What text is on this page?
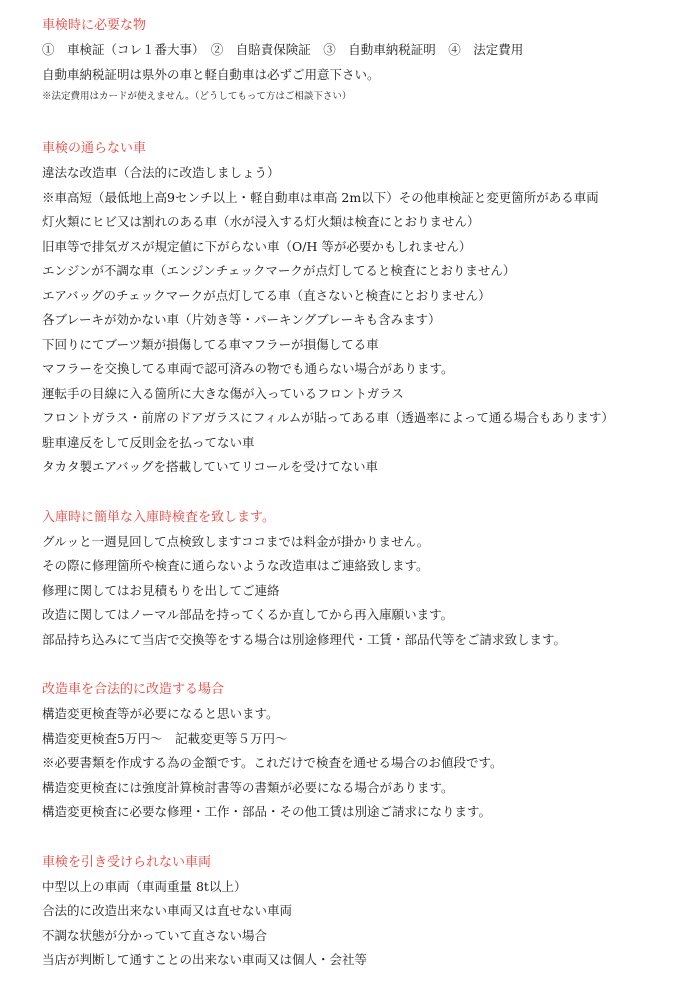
車検時に必要な物
①　車検証（コレ１番大事）　②　自賠責保険証　③　自動車納税証明　④　法定費用
自動車納税証明は県外の車と軽自動車は必ずご用意下さい。
※法定費用はカードが使えません。（どうしてもって方はご相談下さい）
車検の通らない車
違法な改造車（合法的に改造しましょう）
※車高短（最低地上高9センチ以上・軽自動車は車高 2m以下）その他車検証と変更箇所がある車両
灯火類にヒビ又は割れのある車（水が浸入する灯火類は検査にとおりません）
旧車等で排気ガスが規定値に下がらない車（O/H 等が必要かもしれません）
エンジンが不調な車（エンジンチェックマークが点灯してると検査にとおりません）
エアバッグのチェックマークが点灯してる車（直さないと検査にとおりません）
各ブレーキが効かない車（片効き等・パーキングブレーキも含みます）
下回りにてブーツ類が損傷してる車マフラーが損傷してる車
マフラーを交換してる車両で認可済みの物でも通らない場合があります。
運転手の目線に入る箇所に大きな傷が入っているフロントガラス
フロントガラス・前席のドアガラスにフィルムが貼ってある車（透過率によって通る場合もあります）
駐車違反をして反則金を払ってない車
タカタ製エアバッグを搭載していてリコールを受けてない車
入庫時に簡単な入庫時検査を致します。
グルッと一週見回して点検致しますココまでは料金が掛かりません。
その際に修理箇所や検査に通らないような改造車はご連絡致します。
修理に関してはお見積もりを出してご連絡
改造に関してはノーマル部品を持ってくるか直してから再入庫願います。
部品持ち込みにて当店で交換等をする場合は別途修理代・工賃・部品代等をご請求致します。
改造車を合法的に改造する場合
構造変更検査等が必要になると思います。
構造変更検査5万円～　記載変更等５万円～
※必要書類を作成する為の金額です。これだけで検査を通せる場合のお値段です。
構造変更検査には強度計算検討書等の書類が必要になる場合があります。
構造変更検査に必要な修理・工作・部品・その他工賃は別途ご請求になります。
車検を引き受けられない車両
中型以上の車両（車両重量 8t以上）
合法的に改造出来ない車両又は直せない車両
不調な状態が分かっていて直さない場合
当店が判断して通すことの出来ない車両又は個人・会社等
